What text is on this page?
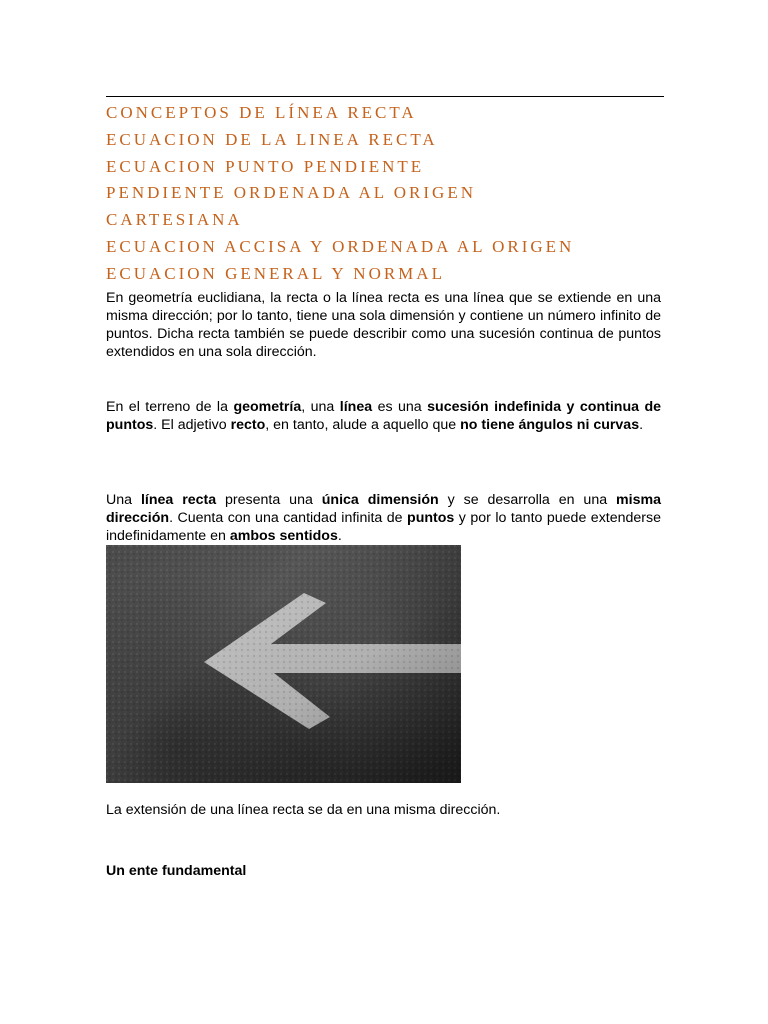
CONCEPTOS DE LÍNEA RECTA
ECUACION DE LA LINEA RECTA
ECUACION PUNTO PENDIENTE
PENDIENTE ORDENADA AL ORIGEN
CARTESIANA
ECUACION ACCISA Y ORDENADA AL ORIGEN
ECUACION GENERAL Y NORMAL

En geometría euclidiana, la recta o la línea recta es una línea que se extiende en una misma dirección; por lo tanto, tiene una sola dimensión y contiene un número infinito de puntos. Dicha recta también se puede describir como una sucesión continua de puntos extendidos en una sola dirección.

En el terreno de la geometría, una línea es una sucesión indefinida y continua de puntos. El adjetivo recto, en tanto, alude a aquello que no tiene ángulos ni curvas.

Una línea recta presenta una única dimensión y se desarrolla en una misma dirección. Cuenta con una cantidad infinita de puntos y por lo tanto puede extenderse indefinidamente en ambos sentidos.

La extensión de una línea recta se da en una misma dirección.

Un ente fundamental
